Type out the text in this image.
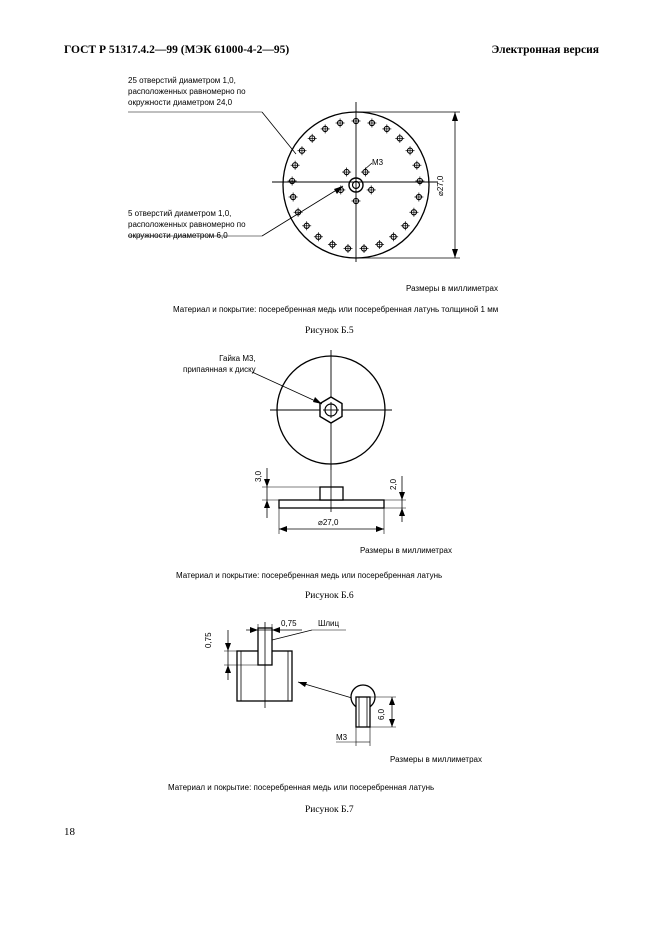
ГОСТ Р 51317.4.2—99 (МЭК 61000-4-2—95)	Электронная версия
25 отверстий диаметром 1,0,
расположенных равномерно по
окружности диаметром 24,0
5 отверстий диаметром 1,0,
расположенных равномерно по
окружности диаметром 6,0
М3
⌀27,0
Размеры в миллиметрах
Материал и покрытие: посеребренная медь или посеребренная латунь толщиной 1 мм
Рисунок Б.5
Гайка М3,
припаянная к диску
3,0
2,0
⌀27,0
Размеры в миллиметрах
Материал и покрытие: посеребренная медь или посеребренная латунь
Рисунок Б.6
0,75
0,75	Шлиц
6,0
М3
Размеры в миллиметрах
Материал и покрытие: посеребренная медь или посеребренная латунь
Рисунок Б.7
18
